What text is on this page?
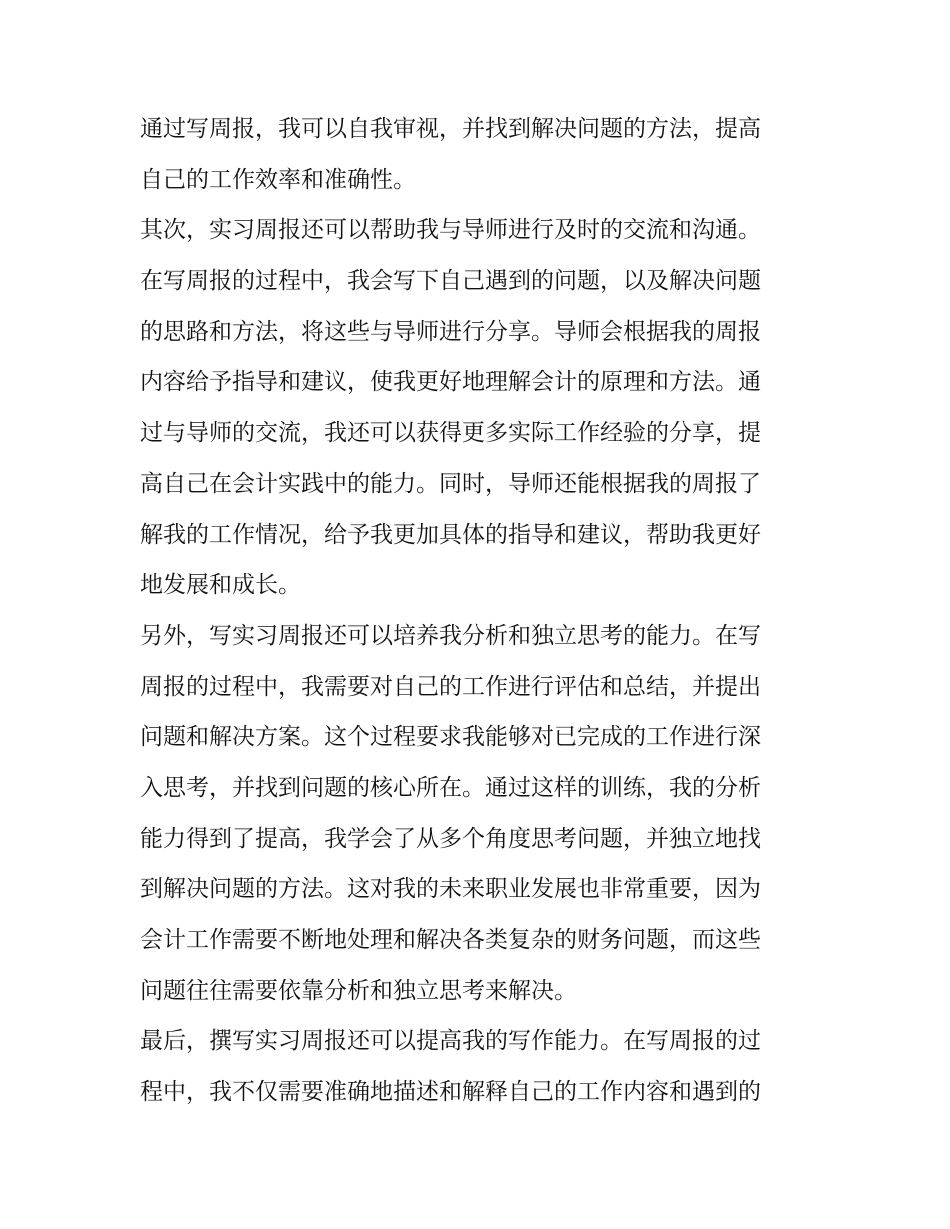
通过写周报，我可以自我审视，并找到解决问题的方法，提高
自己的工作效率和准确性。
其次，实习周报还可以帮助我与导师进行及时的交流和沟通。
在写周报的过程中，我会写下自己遇到的问题，以及解决问题
的思路和方法，将这些与导师进行分享。导师会根据我的周报
内容给予指导和建议，使我更好地理解会计的原理和方法。通
过与导师的交流，我还可以获得更多实际工作经验的分享，提
高自己在会计实践中的能力。同时，导师还能根据我的周报了
解我的工作情况，给予我更加具体的指导和建议，帮助我更好
地发展和成长。
另外，写实习周报还可以培养我分析和独立思考的能力。在写
周报的过程中，我需要对自己的工作进行评估和总结，并提出
问题和解决方案。这个过程要求我能够对已完成的工作进行深
入思考，并找到问题的核心所在。通过这样的训练，我的分析
能力得到了提高，我学会了从多个角度思考问题，并独立地找
到解决问题的方法。这对我的未来职业发展也非常重要，因为
会计工作需要不断地处理和解决各类复杂的财务问题，而这些
问题往往需要依靠分析和独立思考来解决。
最后，撰写实习周报还可以提高我的写作能力。在写周报的过
程中，我不仅需要准确地描述和解释自己的工作内容和遇到的
